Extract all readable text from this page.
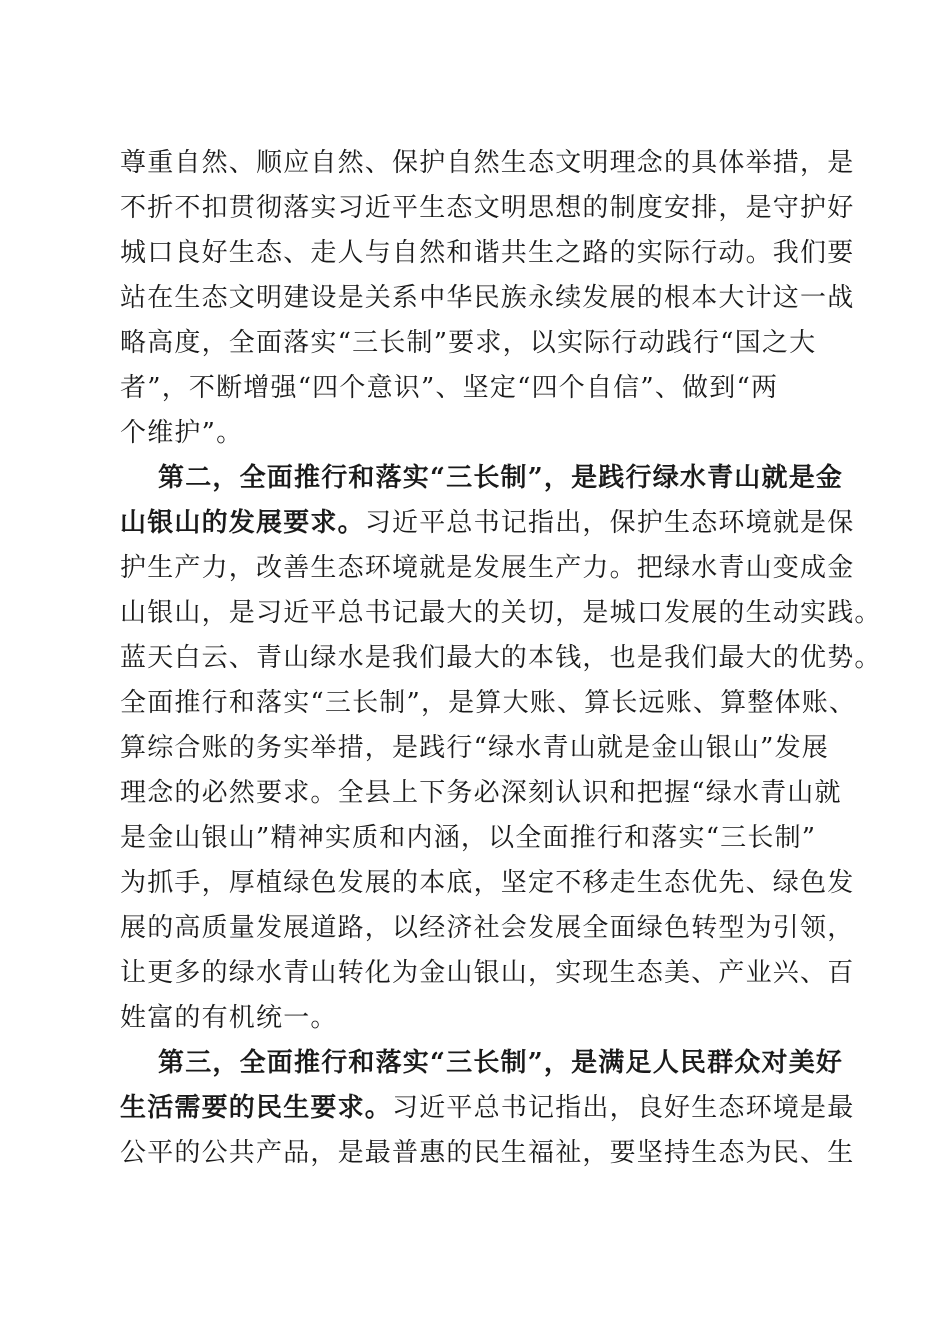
尊重自然、顺应自然、保护自然生态文明理念的具体举措，是
不折不扣贯彻落实习近平生态文明思想的制度安排，是守护好
城口良好生态、走人与自然和谐共生之路的实际行动。我们要
站在生态文明建设是关系中华民族永续发展的根本大计这一战
略高度，全面落实“三长制”要求，以实际行动践行“国之大
者”，不断增强“四个意识”、坚定“四个自信”、做到“两
个维护”。
第二，全面推行和落实“三长制”，是践行绿水青山就是金
山银山的发展要求。习近平总书记指出，保护生态环境就是保
护生产力，改善生态环境就是发展生产力。把绿水青山变成金
山银山，是习近平总书记最大的关切，是城口发展的生动实践。
蓝天白云、青山绿水是我们最大的本钱，也是我们最大的优势。
全面推行和落实“三长制”，是算大账、算长远账、算整体账、
算综合账的务实举措，是践行“绿水青山就是金山银山”发展
理念的必然要求。全县上下务必深刻认识和把握“绿水青山就
是金山银山”精神实质和内涵，以全面推行和落实“三长制”
为抓手，厚植绿色发展的本底，坚定不移走生态优先、绿色发
展的高质量发展道路，以经济社会发展全面绿色转型为引领，
让更多的绿水青山转化为金山银山，实现生态美、产业兴、百
姓富的有机统一。
第三，全面推行和落实“三长制”，是满足人民群众对美好
生活需要的民生要求。习近平总书记指出，良好生态环境是最
公平的公共产品，是最普惠的民生福祉，要坚持生态为民、生
